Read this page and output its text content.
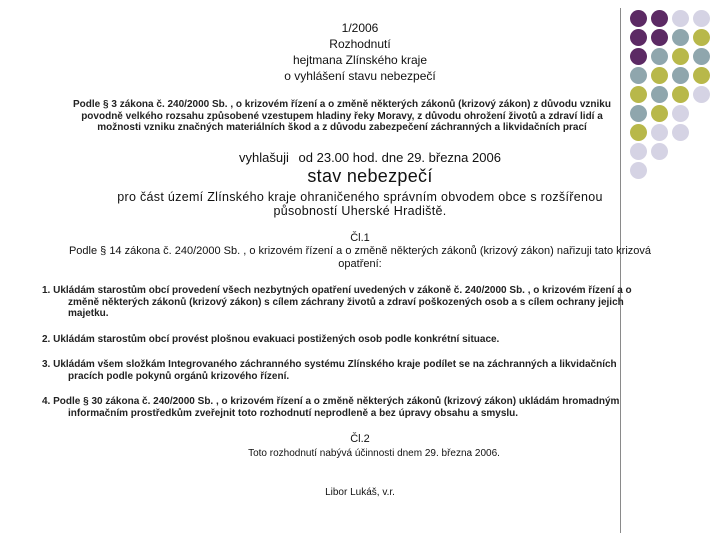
1/2006
Rozhodnutí
hejtmana Zlínského kraje
o vyhlášení stavu nebezpečí
Podle § 3 zákona č. 240/2000 Sb. , o krizovém řízení a o změně některých zákonů (krizový zákon) z důvodu vzniku povodně velkého rozsahu způsobené vzestupem hladiny řeky Moravy, z důvodu ohrožení životů a zdraví lidí a možnosti vzniku značných materiálních škod a z důvodu zabezpečení záchranných a likvidačních prací
vyhlašuji od 23.00 hod. dne 29. března 2006
stav nebezpečí
pro část území Zlínského kraje ohraničeného správním obvodem obce s rozšířenou působností Uherské Hradiště.
Čl.1
Podle § 14 zákona č. 240/2000 Sb. , o krizovém řízení a o změně některých zákonů (krizový zákon) nařizuji tato krizová opatření:
1. Ukládám starostům obcí provedení všech nezbytných opatření uvedených v zákoně č. 240/2000 Sb. , o krizovém řízení a o změně některých zákonů (krizový zákon) s cílem záchrany životů a zdraví poškozených osob a s cílem ochrany jejich majetku.
2. Ukládám starostům obcí provést plošnou evakuaci postižených osob podle konkrétní situace.
3. Ukládám všem složkám Integrovaného záchranného systému Zlínského kraje podílet se na záchranných a likvidačních pracích podle pokynů orgánů krizového řízení.
4. Podle § 30 zákona č. 240/2000 Sb. , o krizovém řízení a o změně některých zákonů (krizový zákon) ukládám hromadným informačním prostředkům zveřejnit toto rozhodnutí neprodleně a bez úpravy obsahu a smyslu.
Čl.2
Toto rozhodnutí nabývá účinnosti dnem 29. března 2006.
Libor Lukáš, v.r.
